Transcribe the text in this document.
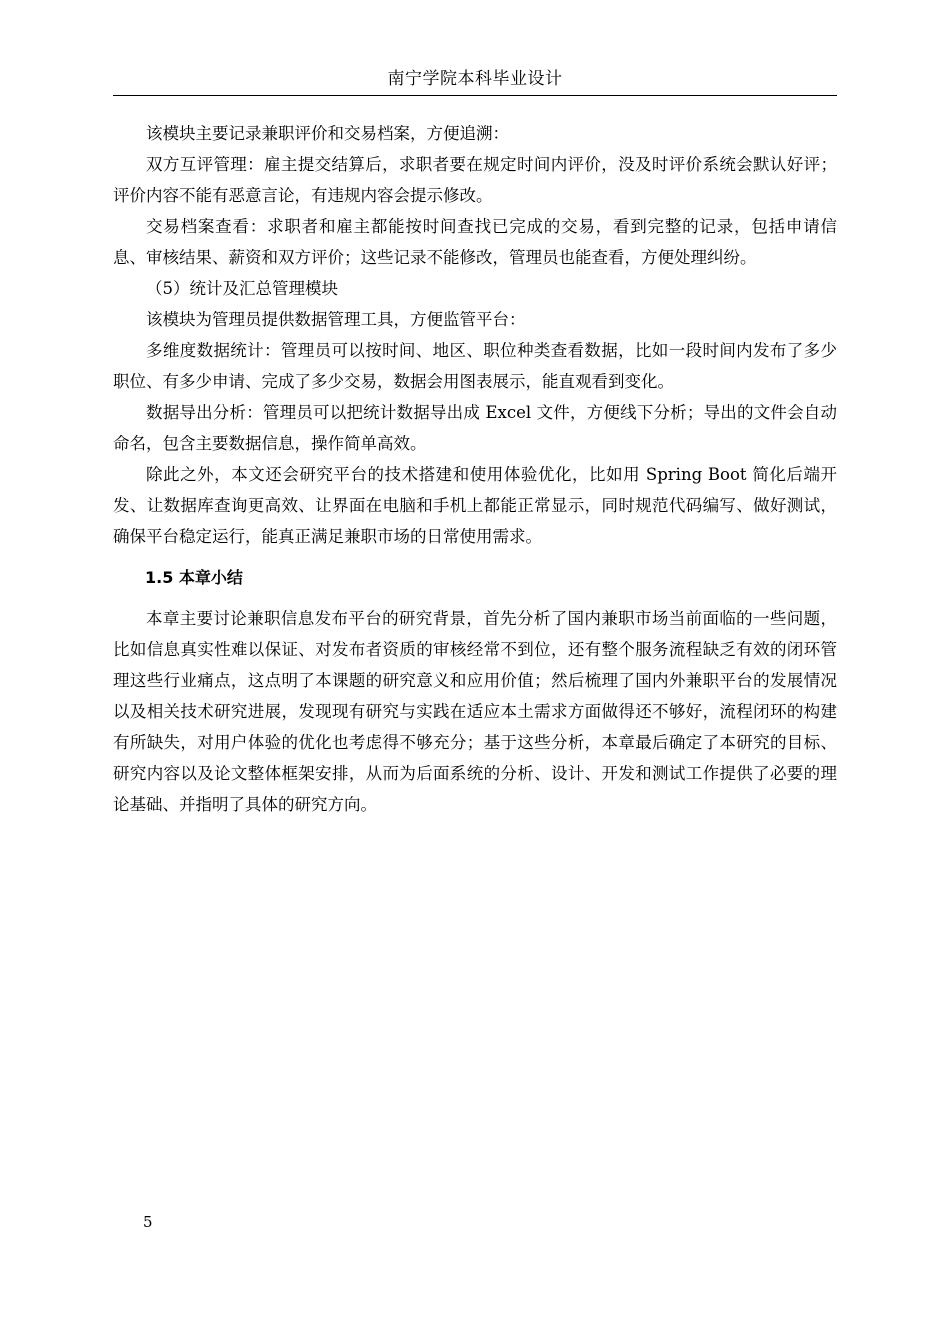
南宁学院本科毕业设计

该模块主要记录兼职评价和交易档案，方便追溯：

双方互评管理：雇主提交结算后，求职者要在规定时间内评价，没及时评价系统会默认好评；评价内容不能有恶意言论，有违规内容会提示修改。

交易档案查看：求职者和雇主都能按时间查找已完成的交易，看到完整的记录，包括申请信息、审核结果、薪资和双方评价；这些记录不能修改，管理员也能查看，方便处理纠纷。

（5）统计及汇总管理模块

该模块为管理员提供数据管理工具，方便监管平台：

多维度数据统计：管理员可以按时间、地区、职位种类查看数据，比如一段时间内发布了多少职位、有多少申请、完成了多少交易，数据会用图表展示，能直观看到变化。

数据导出分析：管理员可以把统计数据导出成 Excel 文件，方便线下分析；导出的文件会自动命名，包含主要数据信息，操作简单高效。

除此之外，本文还会研究平台的技术搭建和使用体验优化，比如用 Spring Boot 简化后端开发、让数据库查询更高效、让界面在电脑和手机上都能正常显示，同时规范代码编写、做好测试，确保平台稳定运行，能真正满足兼职市场的日常使用需求。

1.5 本章小结

本章主要讨论兼职信息发布平台的研究背景，首先分析了国内兼职市场当前面临的一些问题，比如信息真实性难以保证、对发布者资质的审核经常不到位，还有整个服务流程缺乏有效的闭环管理这些行业痛点，这点明了本课题的研究意义和应用价值；然后梳理了国内外兼职平台的发展情况以及相关技术研究进展，发现现有研究与实践在适应本土需求方面做得还不够好，流程闭环的构建有所缺失，对用户体验的优化也考虑得不够充分；基于这些分析，本章最后确定了本研究的目标、研究内容以及论文整体框架安排，从而为后面系统的分析、设计、开发和测试工作提供了必要的理论基础、并指明了具体的研究方向。

5
